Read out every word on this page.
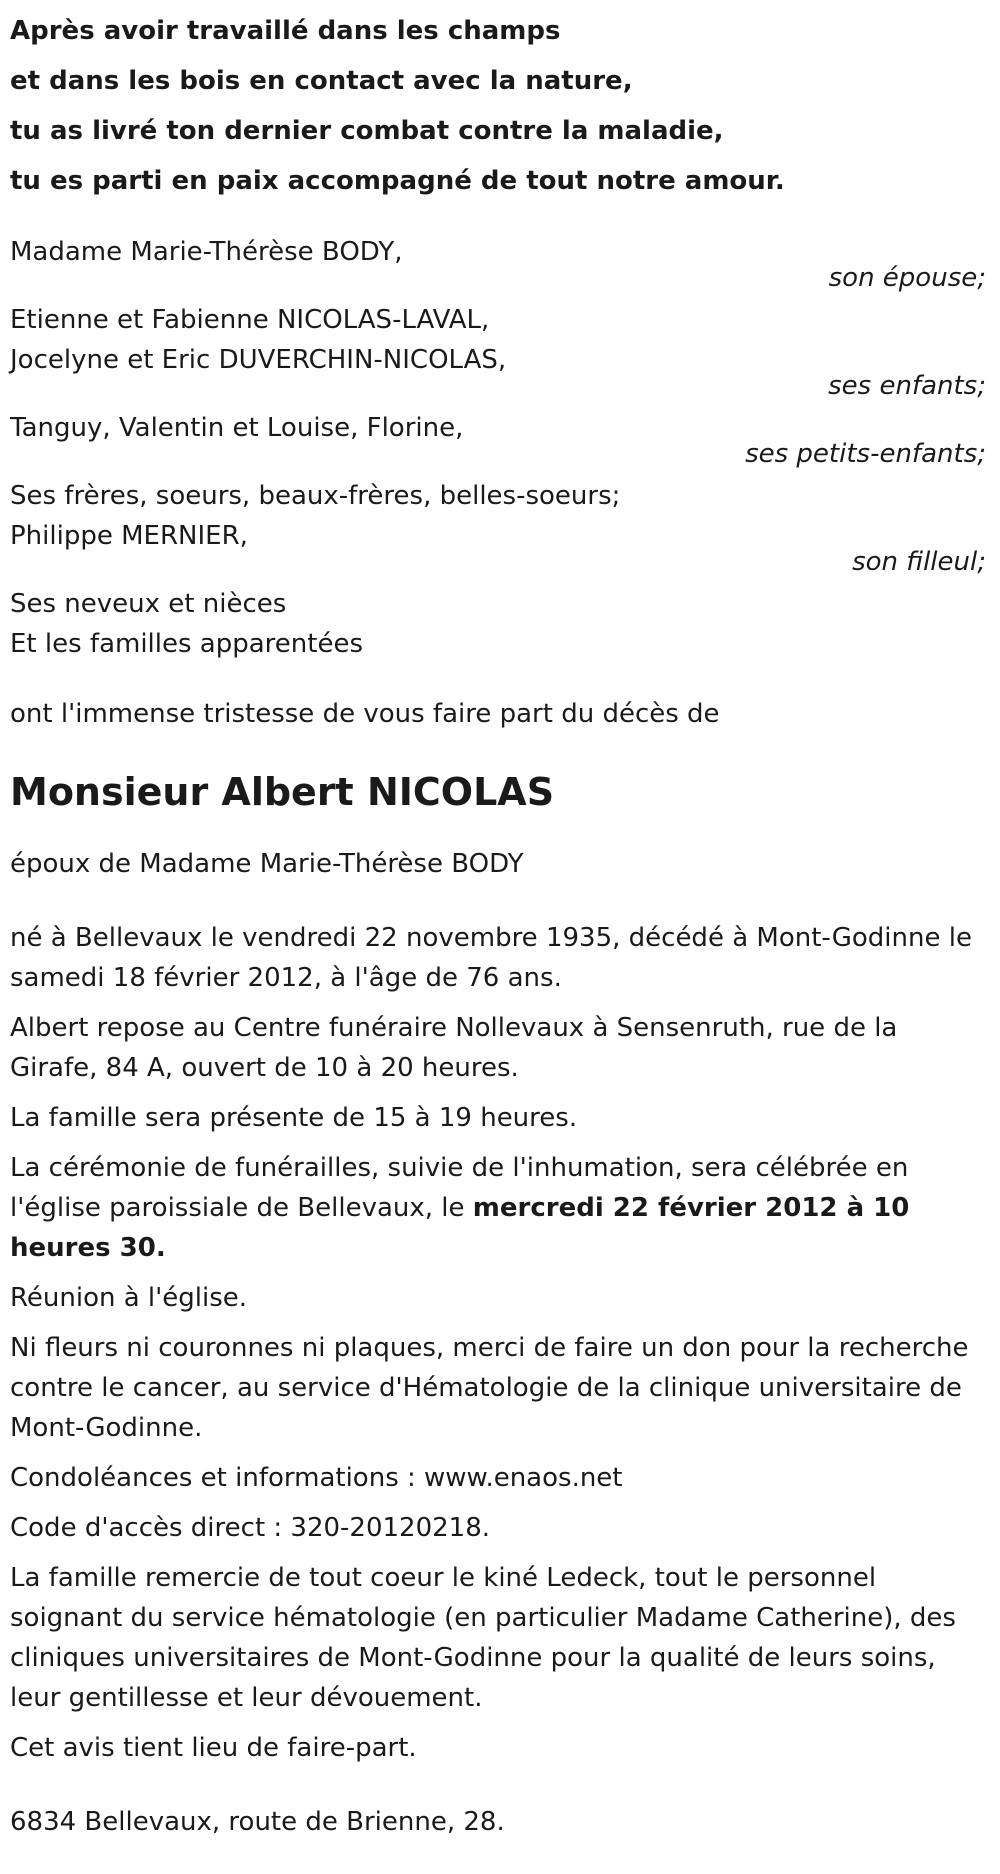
Après avoir travaillé dans les champs
et dans les bois en contact avec la nature,
tu as livré ton dernier combat contre la maladie,
tu es parti en paix accompagné de tout notre amour.
Madame Marie-Thérèse BODY,
son épouse;
Etienne et Fabienne NICOLAS-LAVAL,
Jocelyne et Eric DUVERCHIN-NICOLAS,
ses enfants;
Tanguy, Valentin et Louise, Florine,
ses petits-enfants;
Ses frères, soeurs, beaux-frères, belles-soeurs;
Philippe MERNIER,
son filleul;
Ses neveux et nièces
Et les familles apparentées
ont l'immense tristesse de vous faire part du décès de
Monsieur Albert NICOLAS
époux de Madame Marie-Thérèse BODY
né à Bellevaux le vendredi 22 novembre 1935, décédé à Mont-Godinne le samedi 18 février 2012, à l'âge de 76 ans.
Albert repose au Centre funéraire Nollevaux à Sensenruth, rue de la Girafe, 84 A, ouvert de 10 à 20 heures.
La famille sera présente de 15 à 19 heures.
La cérémonie de funérailles, suivie de l'inhumation, sera célébrée en l'église paroissiale de Bellevaux, le mercredi 22 février 2012 à 10 heures 30.
Réunion à l'église.
Ni fleurs ni couronnes ni plaques, merci de faire un don pour la recherche contre le cancer, au service d'Hématologie de la clinique universitaire de Mont-Godinne.
Condoléances et informations : www.enaos.net
Code d'accès direct : 320-20120218.
La famille remercie de tout coeur le kiné Ledeck, tout le personnel soignant du service hématologie (en particulier Madame Catherine), des cliniques universitaires de Mont-Godinne pour la qualité de leurs soins, leur gentillesse et leur dévouement.
Cet avis tient lieu de faire-part.
6834 Bellevaux, route de Brienne, 28.
